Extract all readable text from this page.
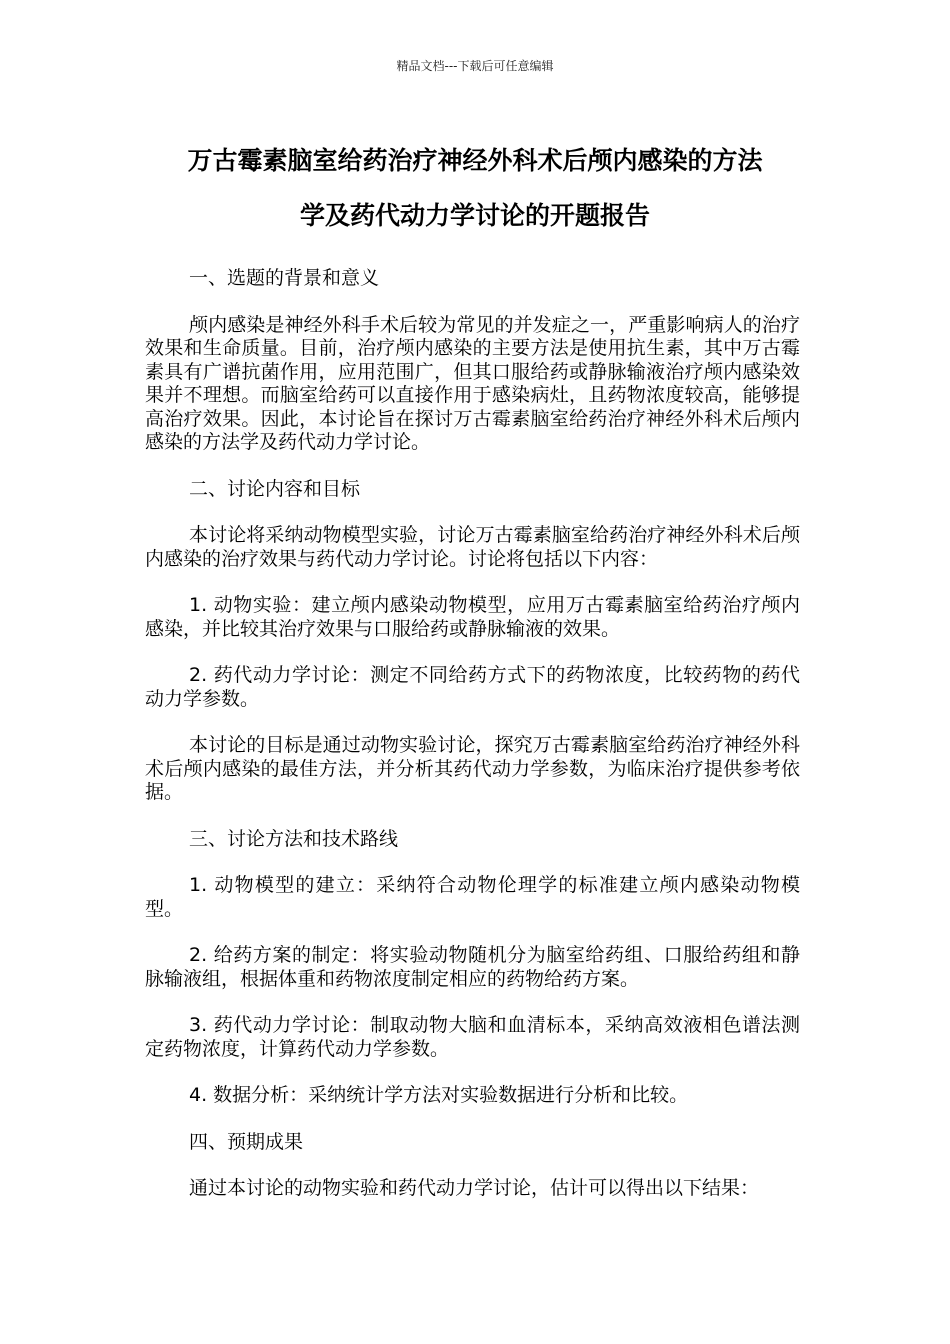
精品文档---下载后可任意编辑
万古霉素脑室给药治疗神经外科术后颅内感染的方法
学及药代动力学讨论的开题报告

一、选题的背景和意义

颅内感染是神经外科手术后较为常见的并发症之一，严重影响病人的治疗效果和生命质量。目前，治疗颅内感染的主要方法是使用抗生素，其中万古霉素具有广谱抗菌作用，应用范围广，但其口服给药或静脉输液治疗颅内感染效果并不理想。而脑室给药可以直接作用于感染病灶，且药物浓度较高，能够提高治疗效果。因此，本讨论旨在探讨万古霉素脑室给药治疗神经外科术后颅内感染的方法学及药代动力学讨论。

二、讨论内容和目标

本讨论将采纳动物模型实验，讨论万古霉素脑室给药治疗神经外科术后颅内感染的治疗效果与药代动力学讨论。讨论将包括以下内容：

1. 动物实验：建立颅内感染动物模型，应用万古霉素脑室给药治疗颅内感染，并比较其治疗效果与口服给药或静脉输液的效果。

2. 药代动力学讨论：测定不同给药方式下的药物浓度，比较药物的药代动力学参数。

本讨论的目标是通过动物实验讨论，探究万古霉素脑室给药治疗神经外科术后颅内感染的最佳方法，并分析其药代动力学参数，为临床治疗提供参考依据。

三、讨论方法和技术路线

1. 动物模型的建立：采纳符合动物伦理学的标准建立颅内感染动物模型。

2. 给药方案的制定：将实验动物随机分为脑室给药组、口服给药组和静脉输液组，根据体重和药物浓度制定相应的药物给药方案。

3. 药代动力学讨论：制取动物大脑和血清标本，采纳高效液相色谱法测定药物浓度，计算药代动力学参数。

4. 数据分析：采纳统计学方法对实验数据进行分析和比较。

四、预期成果

通过本讨论的动物实验和药代动力学讨论，估计可以得出以下结果：
